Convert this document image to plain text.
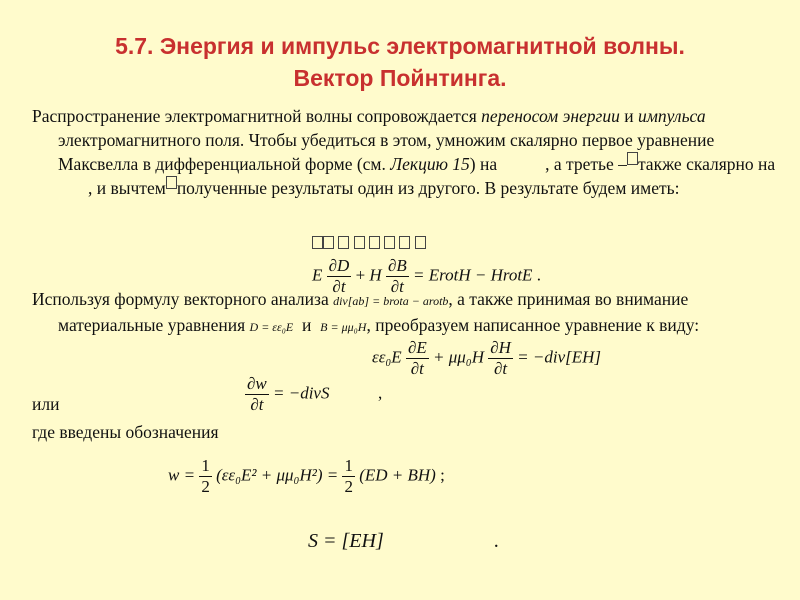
5.7. Энергия и импульс электромагнитной волны.
Вектор Пойнтинга.

Распространение электромагнитной волны сопровождается переносом энергии и импульса электромагнитного поля. Чтобы убедиться в этом, умножим скалярно первое уравнение Максвелла в дифференциальной форме (см. Лекцию 15) на	, а третье – также скалярно на, и вычтем полученные результаты один из другого. В результате будем иметь:

E $\frac{\partial D}{\partial t} + H \frac{\partial B}{\partial t}$ = ErotH − HrotE .

Используя формулу векторного анализа div[ab] = brota − arotb, а также принимая во внимание материальные уравнения D = εε₀E и B = μμ₀H, преобразуем написанное уравнение к виду:

$\varepsilon\varepsilon_0E \frac{\partial E}{\partial t} + \mu\mu_0H \frac{\partial H}{\partial t} = -div[EH]$
или	$\frac{\partial w}{\partial t}$ = −divS	,
где введены обозначения
$w = \frac{1}{2} (\varepsilon\varepsilon_0E^2 + \mu\mu_0H^2) = \frac{1}{2} (ED + BH)$ ;
S = [EH]	.
